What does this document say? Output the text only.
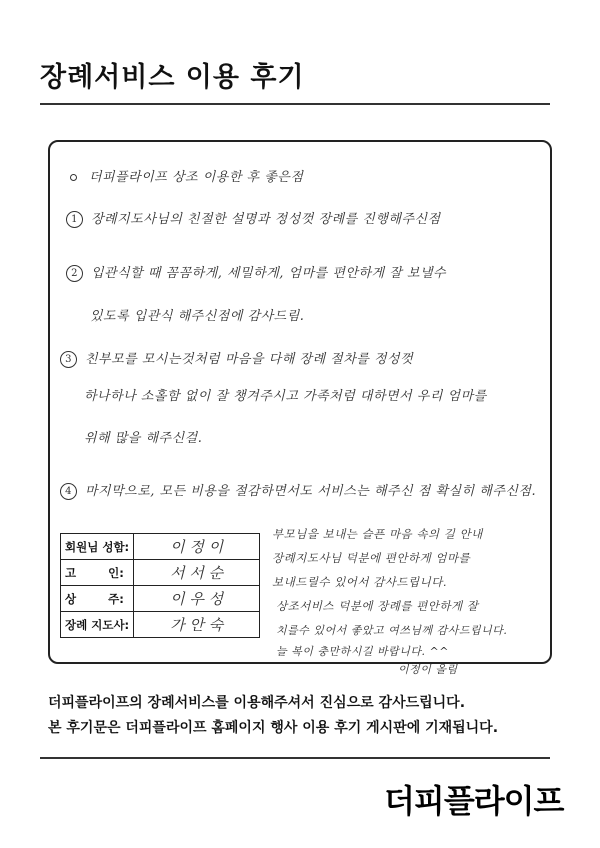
장례서비스 이용 후기
더피플라이프 상조 이용한 후 좋은점
1 장례지도사님의 친절한 설명과 정성껏 장례를 진행해주신점
2 입관식할 때 꼼꼼하게, 세밀하게, 엄마를 편안하게 잘 보낼수
있도록 입관식 해주신점에 감사드림.
3 친부모를 모시는것처럼 마음을 다해 장례 절차를 정성껏
하나하나 소홀함 없이 잘 챙겨주시고 가족처럼 대하면서 우리 엄마를
위해 많을 해주신걸.
4 마지막으로, 모든 비용을 절감하면서도 서비스는 해주신 점 확실히 해주신점.
회원님 성함:	이 정 이
고        인:	서 서 순
상        주:	이 우 성
장례 지도사:	가 안 숙
부모님을 보내는 슬픈 마음 속의 길 안내
장례지도사님 덕분에 편안하게 엄마를
보내드릴수 있어서 감사드립니다.
상조서비스 덕분에 장례를 편안하게 잘
치를수 있어서 좋았고 여쓰님께 감사드립니다.
늘 복이 충만하시길 바랍니다. ^^
이정이 올림
더피플라이프의 장례서비스를 이용해주셔서 진심으로 감사드립니다.
본 후기문은 더피플라이프 홈페이지 행사 이용 후기 게시판에 기재됩니다.
더피플라이프
